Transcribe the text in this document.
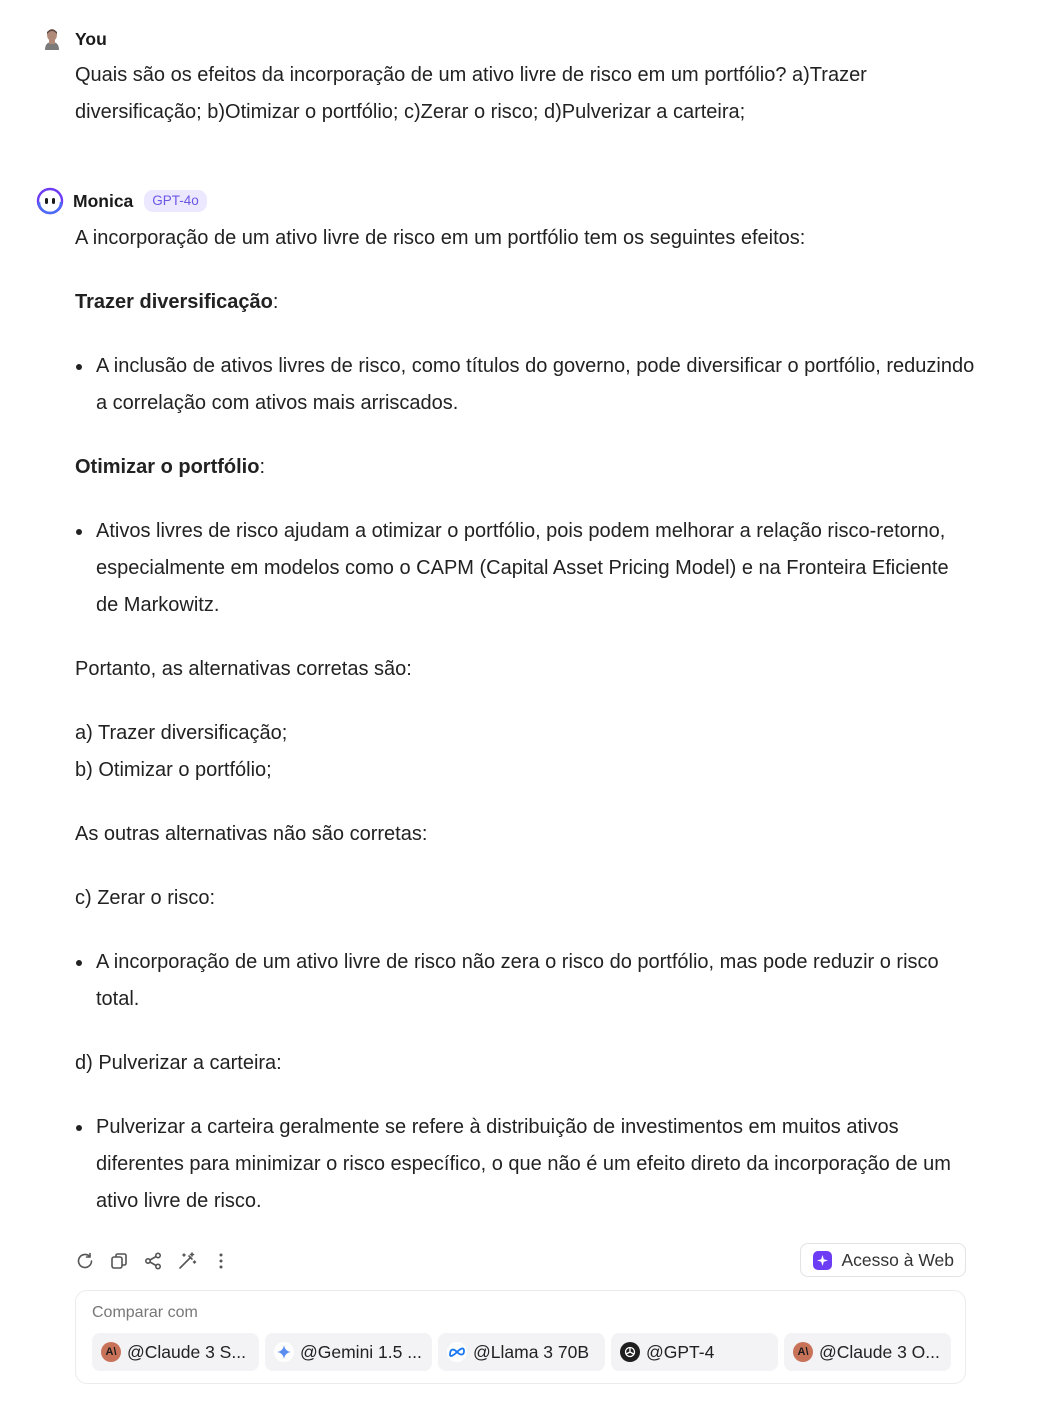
You
Quais são os efeitos da incorporação de um ativo livre de risco em um portfólio? a)Trazer
diversificação; b)Otimizar o portfólio; c)Zerar o risco; d)Pulverizar a carteira;
Monica	GPT-4o
A incorporação de um ativo livre de risco em um portfólio tem os seguintes efeitos:
Trazer diversificação:
A inclusão de ativos livres de risco, como títulos do governo, pode diversificar o portfólio, reduzindo a correlação com ativos mais arriscados.
Otimizar o portfólio:
Ativos livres de risco ajudam a otimizar o portfólio, pois podem melhorar a relação risco-retorno, especialmente em modelos como o CAPM (Capital Asset Pricing Model) e na Fronteira Eficiente de Markowitz.
Portanto, as alternativas corretas são:
a) Trazer diversificação;
b) Otimizar o portfólio;
As outras alternativas não são corretas:
c) Zerar o risco:
A incorporação de um ativo livre de risco não zera o risco do portfólio, mas pode reduzir o risco total.
d) Pulverizar a carteira:
Pulverizar a carteira geralmente se refere à distribuição de investimentos em muitos ativos diferentes para minimizar o risco específico, o que não é um efeito direto da incorporação de um ativo livre de risco.
Acesso à Web
Comparar com
A\ @Claude 3 S...	@Gemini 1.5 ...	@Llama 3 70B	@GPT-4	A\ @Claude 3 O...
